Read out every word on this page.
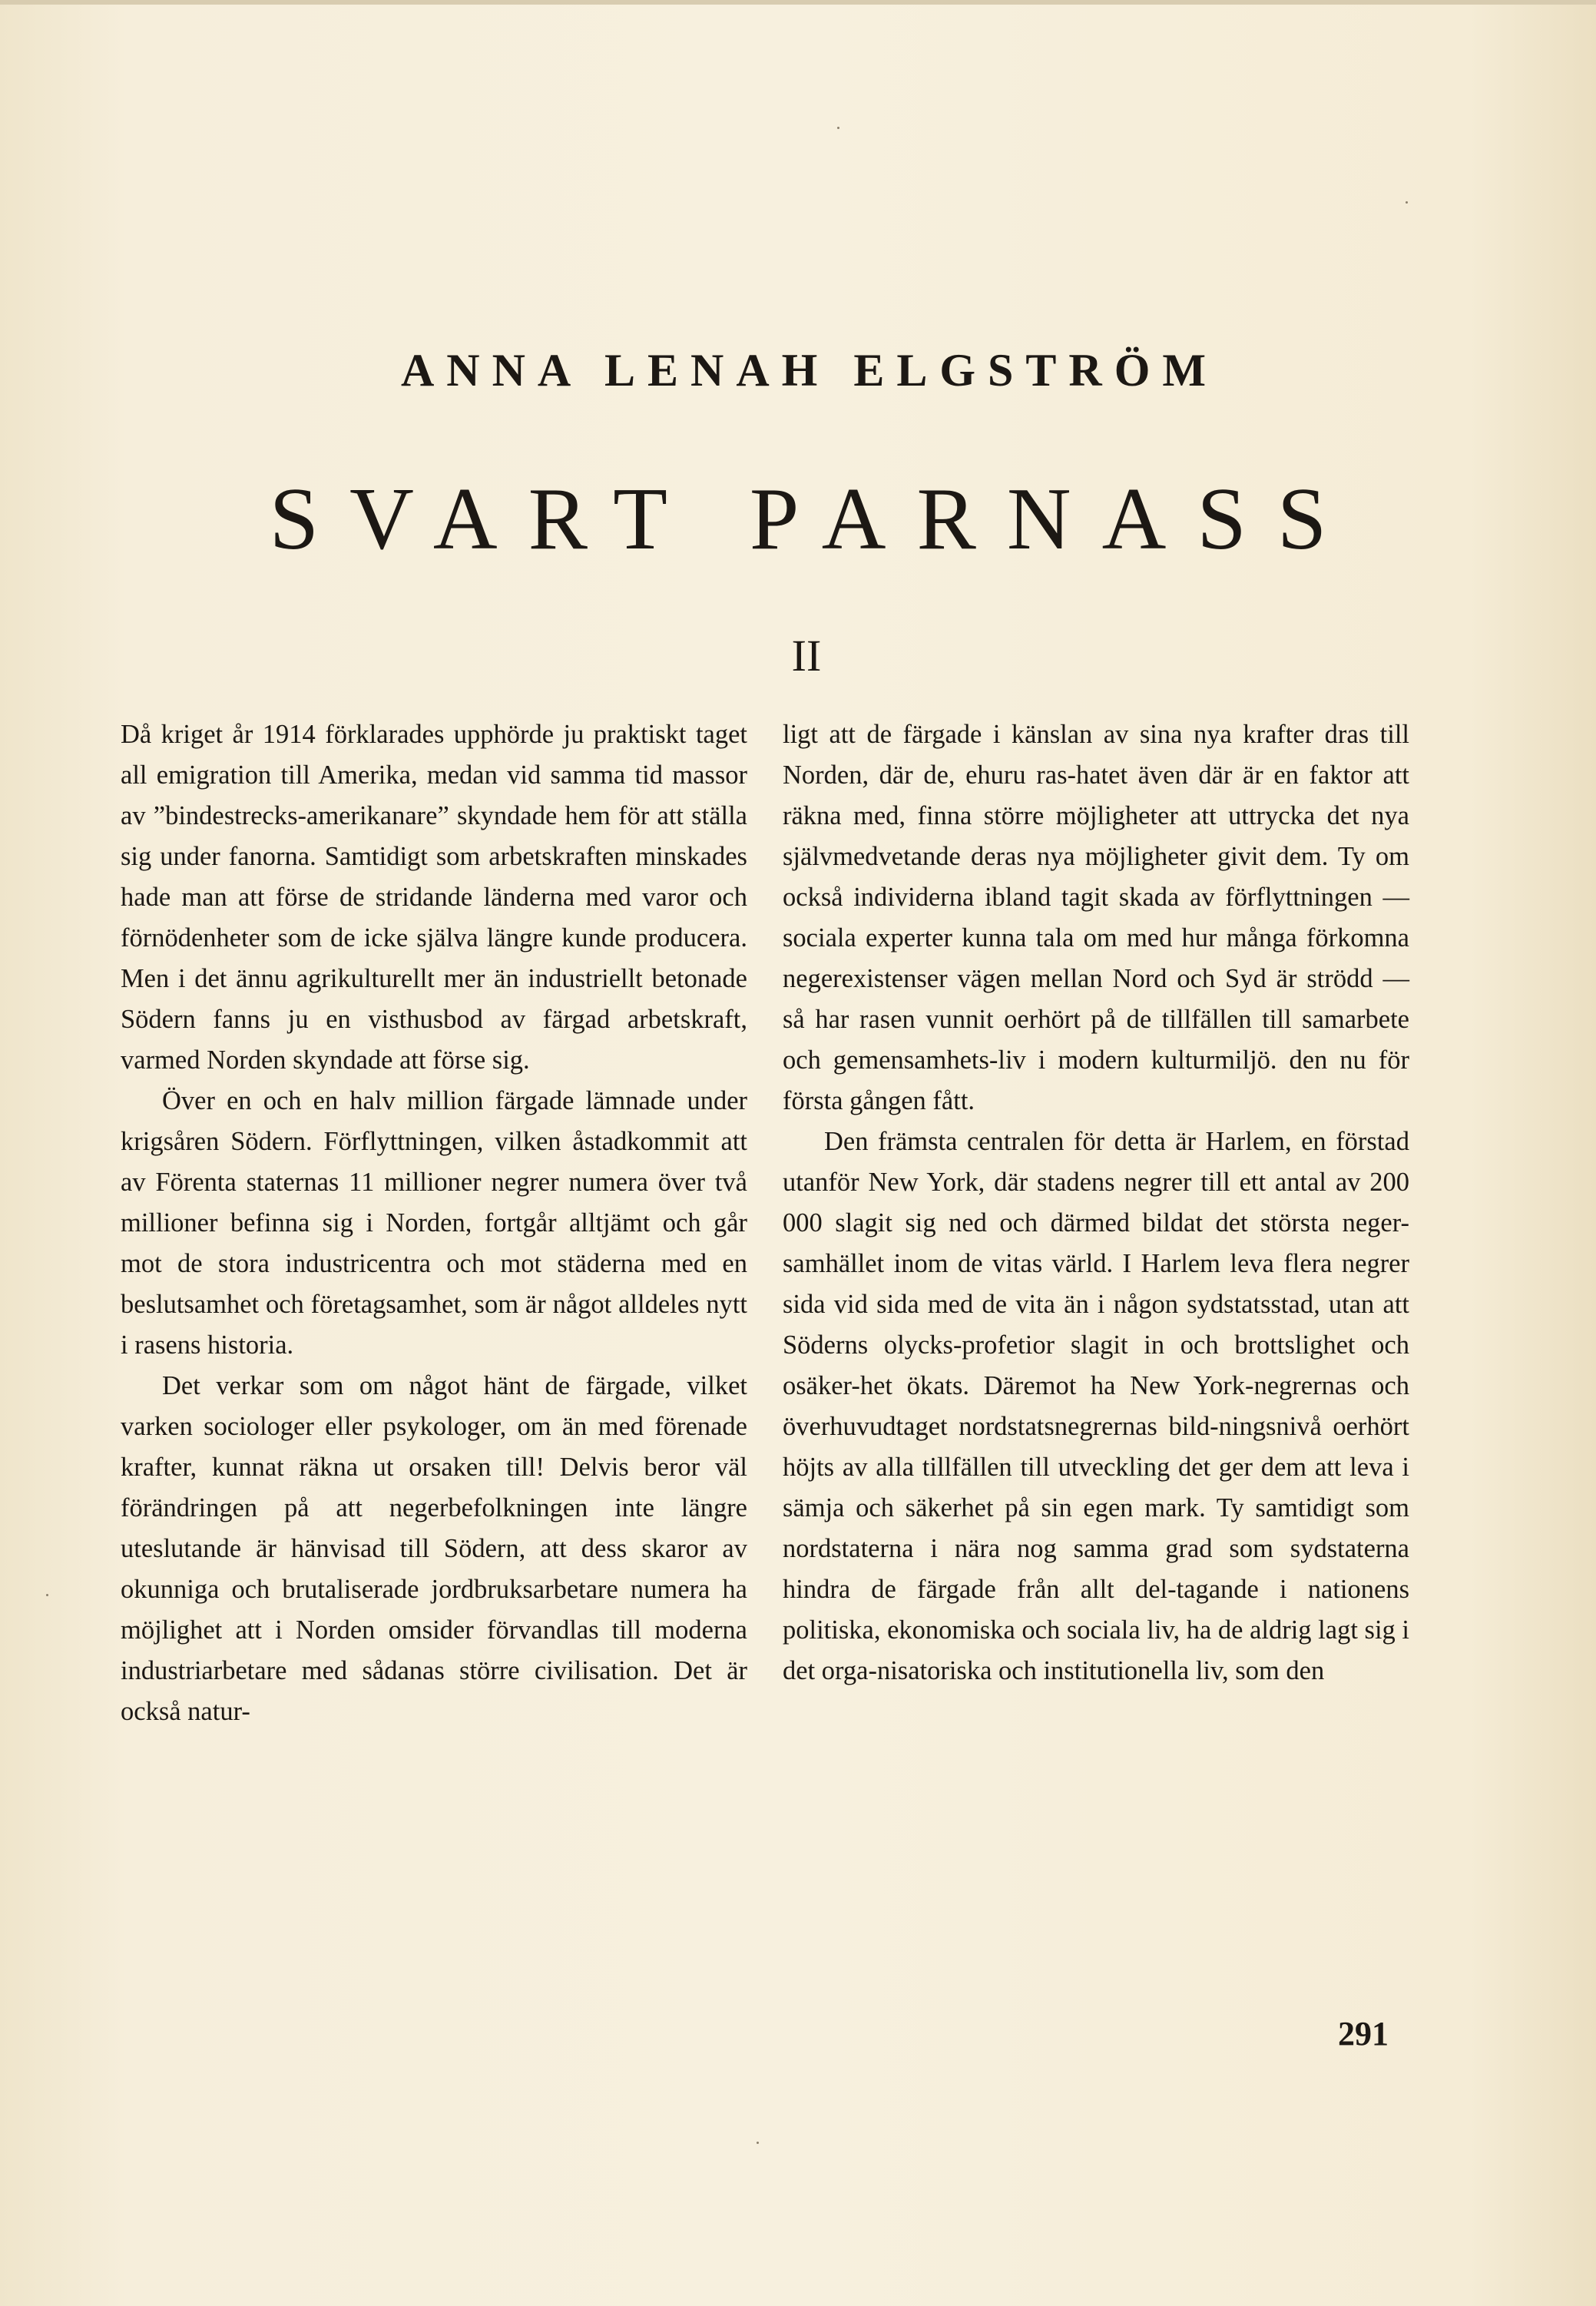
ANNA LENAH ELGSTRÖM
SVART PARNASS
II

Då kriget år 1914 förklarades upphörde ju praktiskt taget all emigration till Amerika, medan vid samma tid massor av ”bindestrecks-amerikanare” skyndade hem för att ställa sig under fanorna. Samtidigt som arbetskraften minskades hade man att förse de stridande länderna med varor och förnödenheter som de icke själva längre kunde producera. Men i det ännu agrikulturellt mer än industriellt betonade Södern fanns ju en visthusbod av färgad arbetskraft, varmed Norden skyndade att förse sig.

Över en och en halv million färgade lämnade under krigsåren Södern. Förflyttningen, vilken åstadkommit att av Förenta staternas 11 millioner negrer numera över två millioner befinna sig i Norden, fortgår alltjämt och går mot de stora industricentra och mot städerna med en beslutsamhet och företagsamhet, som är något alldeles nytt i rasens historia.

Det verkar som om något hänt de färgade, vilket varken sociologer eller psykologer, om än med förenade krafter, kunnat räkna ut orsaken till! Delvis beror väl förändringen på att negerbefolkningen inte längre uteslutande är hänvisad till Södern, att dess skaror av okunniga och brutaliserade jordbruksarbetare numera ha möjlighet att i Norden omsider förvandlas till moderna industriarbetare med sådanas större civilisation. Det är också natur-

ligt att de färgade i känslan av sina nya krafter dras till Norden, där de, ehuru ras-hatet även där är en faktor att räkna med, finna större möjligheter att uttrycka det nya självmedvetande deras nya möjligheter givit dem. Ty om också individerna ibland tagit skada av förflyttningen — sociala experter kunna tala om med hur många förkomna negerexistenser vägen mellan Nord och Syd är strödd — så har rasen vunnit oerhört på de tillfällen till samarbete och gemensamhets-liv i modern kulturmiljö. den nu för första gången fått.

Den främsta centralen för detta är Harlem, en förstad utanför New York, där stadens negrer till ett antal av 200 000 slagit sig ned och därmed bildat det största neger-samhället inom de vitas värld. I Harlem leva flera negrer sida vid sida med de vita än i någon sydstatsstad, utan att Söderns olycks-profetior slagit in och brottslighet och osäker-het ökats. Däremot ha New York-negrernas och överhuvudtaget nordstatsnegrernas bild-ningsnivå oerhört höjts av alla tillfällen till utveckling det ger dem att leva i sämja och säkerhet på sin egen mark. Ty samtidigt som nordstaterna i nära nog samma grad som sydstaterna hindra de färgade från allt del-tagande i nationens politiska, ekonomiska och sociala liv, ha de aldrig lagt sig i det orga-nisatoriska och institutionella liv, som den

291
